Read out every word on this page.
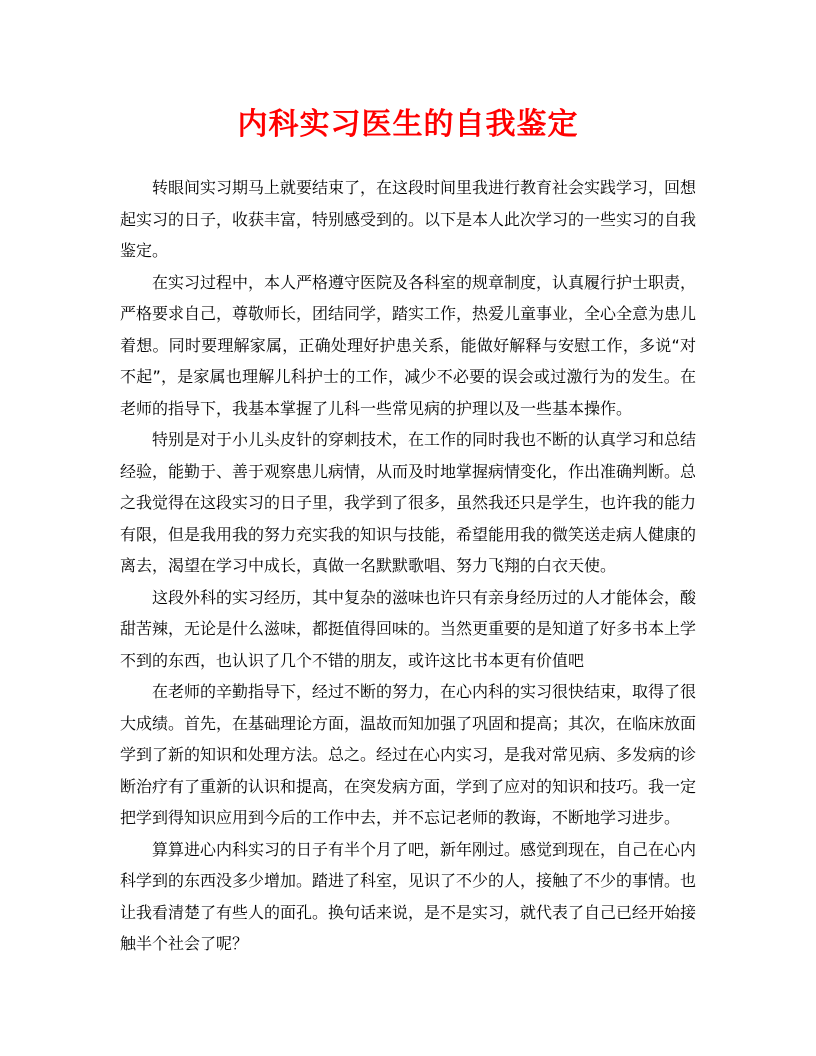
内科实习医生的自我鉴定

转眼间实习期马上就要结束了，在这段时间里我进行教育社会实践学习，回想起实习的日子，收获丰富，特别感受到的。以下是本人此次学习的一些实习的自我鉴定。

在实习过程中，本人严格遵守医院及各科室的规章制度，认真履行护士职责，严格要求自己，尊敬师长，团结同学，踏实工作，热爱儿童事业，全心全意为患儿着想。同时要理解家属，正确处理好护患关系，能做好解释与安慰工作，多说“对不起”，是家属也理解儿科护士的工作，减少不必要的误会或过激行为的发生。在老师的指导下，我基本掌握了儿科一些常见病的护理以及一些基本操作。

特别是对于小儿头皮针的穿刺技术，在工作的同时我也不断的认真学习和总结经验，能勤于、善于观察患儿病情，从而及时地掌握病情变化，作出准确判断。总之我觉得在这段实习的日子里，我学到了很多，虽然我还只是学生，也许我的能力有限，但是我用我的努力充实我的知识与技能，希望能用我的微笑送走病人健康的离去，渴望在学习中成长，真做一名默默歌唱、努力飞翔的白衣天使。

这段外科的实习经历，其中复杂的滋味也许只有亲身经历过的人才能体会，酸甜苦辣，无论是什么滋味，都挺值得回味的。当然更重要的是知道了好多书本上学不到的东西，也认识了几个不错的朋友，或许这比书本更有价值吧

在老师的辛勤指导下，经过不断的努力，在心内科的实习很快结束，取得了很大成绩。首先，在基础理论方面，温故而知加强了巩固和提高；其次，在临床放面学到了新的知识和处理方法。总之。经过在心内实习，是我对常见病、多发病的诊断治疗有了重新的认识和提高，在突发病方面，学到了应对的知识和技巧。我一定把学到得知识应用到今后的工作中去，并不忘记老师的教诲，不断地学习进步。

算算进心内科实习的日子有半个月了吧，新年刚过。感觉到现在，自己在心内科学到的东西没多少增加。踏进了科室，见识了不少的人，接触了不少的事情。也让我看清楚了有些人的面孔。换句话来说，是不是实习，就代表了自己已经开始接触半个社会了呢？
